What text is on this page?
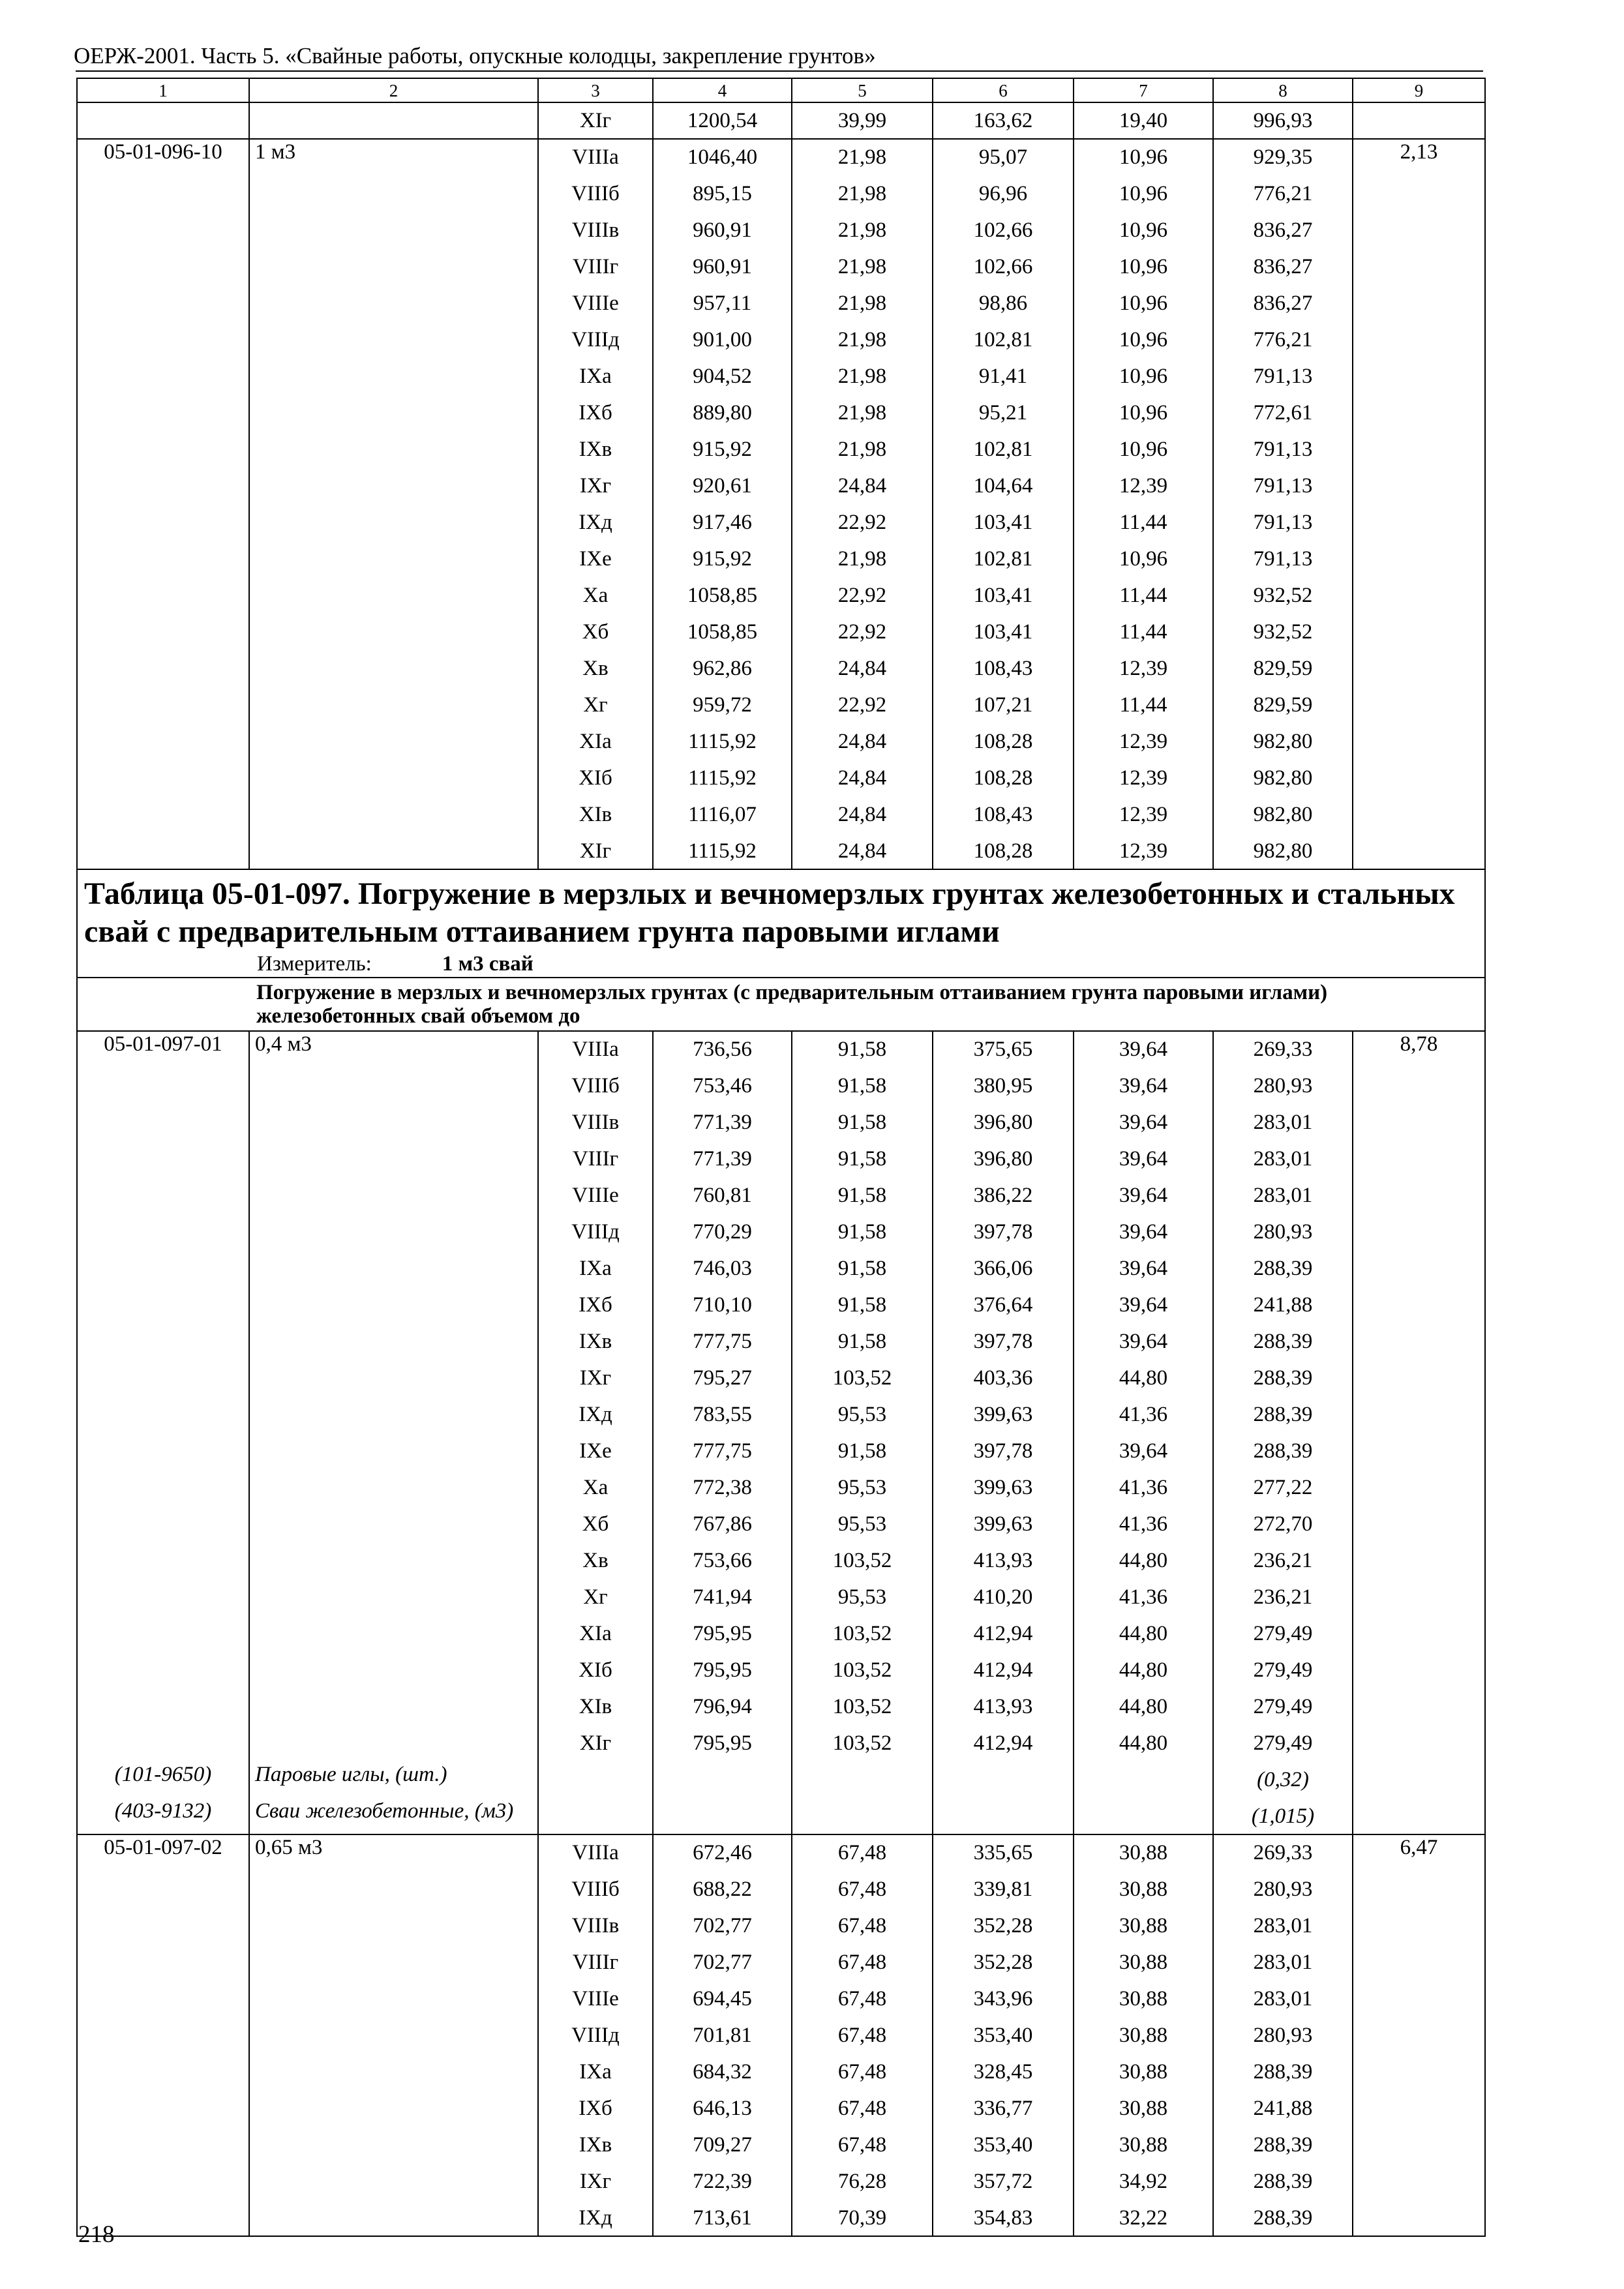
ОЕРЖ-2001. Часть 5. «Свайные работы, опускные колодцы, закрепление грунтов»
1	2	3	4	5	6	7	8	9
		XIг	1200,54	39,99	163,62	19,40	996,93	
05-01-096-10	1 м3	VIIIа	1046,40	21,98	95,07	10,96	929,35	2,13
		VIIIб	895,15	21,98	96,96	10,96	776,21	
		VIIIв	960,91	21,98	102,66	10,96	836,27	
		VIIIг	960,91	21,98	102,66	10,96	836,27	
		VIIIе	957,11	21,98	98,86	10,96	836,27	
		VIIIд	901,00	21,98	102,81	10,96	776,21	
		IXа	904,52	21,98	91,41	10,96	791,13	
		IXб	889,80	21,98	95,21	10,96	772,61	
		IXв	915,92	21,98	102,81	10,96	791,13	
		IXг	920,61	24,84	104,64	12,39	791,13	
		IXд	917,46	22,92	103,41	11,44	791,13	
		IXе	915,92	21,98	102,81	10,96	791,13	
		Xа	1058,85	22,92	103,41	11,44	932,52	
		Xб	1058,85	22,92	103,41	11,44	932,52	
		Xв	962,86	24,84	108,43	12,39	829,59	
		Xг	959,72	22,92	107,21	11,44	829,59	
		XIа	1115,92	24,84	108,28	12,39	982,80	
		XIб	1115,92	24,84	108,28	12,39	982,80	
		XIв	1116,07	24,84	108,43	12,39	982,80	
		XIг	1115,92	24,84	108,28	12,39	982,80	

Таблица 05-01-097. Погружение в мерзлых и вечномерзлых грунтах железобетонных и стальных свай с предварительным оттаиванием грунта паровыми иглами
Измеритель: 1 м3 свай								

Погружение в мерзлых и вечномерзлых грунтах (с предварительным оттаиванием грунта паровыми иглами) железобетонных свай объемом до								
05-01-097-01	0,4 м3	VIIIа	736,56	91,58	375,65	39,64	269,33	8,78
		VIIIб	753,46	91,58	380,95	39,64	280,93	
		VIIIв	771,39	91,58	396,80	39,64	283,01	
		VIIIг	771,39	91,58	396,80	39,64	283,01	
		VIIIе	760,81	91,58	386,22	39,64	283,01	
		VIIIд	770,29	91,58	397,78	39,64	280,93	
		IXа	746,03	91,58	366,06	39,64	288,39	
		IXб	710,10	91,58	376,64	39,64	241,88	
		IXв	777,75	91,58	397,78	39,64	288,39	
		IXг	795,27	103,52	403,36	44,80	288,39	
		IXд	783,55	95,53	399,63	41,36	288,39	
		IXе	777,75	91,58	397,78	39,64	288,39	
		Xа	772,38	95,53	399,63	41,36	277,22	
		Xб	767,86	95,53	399,63	41,36	272,70	
		Xв	753,66	103,52	413,93	44,80	236,21	
		Xг	741,94	95,53	410,20	41,36	236,21	
		XIа	795,95	103,52	412,94	44,80	279,49	
		XIб	795,95	103,52	412,94	44,80	279,49	
		XIв	796,94	103,52	413,93	44,80	279,49	
		XIг	795,95	103,52	412,94	44,80	279,49	
(101-9650)	Паровые иглы, (шт.)						(0,32)	
(403-9132)	Сваи железобетонные, (м3)						(1,015)	
05-01-097-02	0,65 м3	VIIIа	672,46	67,48	335,65	30,88	269,33	6,47
		VIIIб	688,22	67,48	339,81	30,88	280,93	
		VIIIв	702,77	67,48	352,28	30,88	283,01	
		VIIIг	702,77	67,48	352,28	30,88	283,01	
		VIIIе	694,45	67,48	343,96	30,88	283,01	
		VIIIд	701,81	67,48	353,40	30,88	280,93	
		IXа	684,32	67,48	328,45	30,88	288,39	
		IXб	646,13	67,48	336,77	30,88	241,88	
		IXв	709,27	67,48	353,40	30,88	288,39	
		IXг	722,39	76,28	357,72	34,92	288,39	
		IXд	713,61	70,39	354,83	32,22	288,39	
218
